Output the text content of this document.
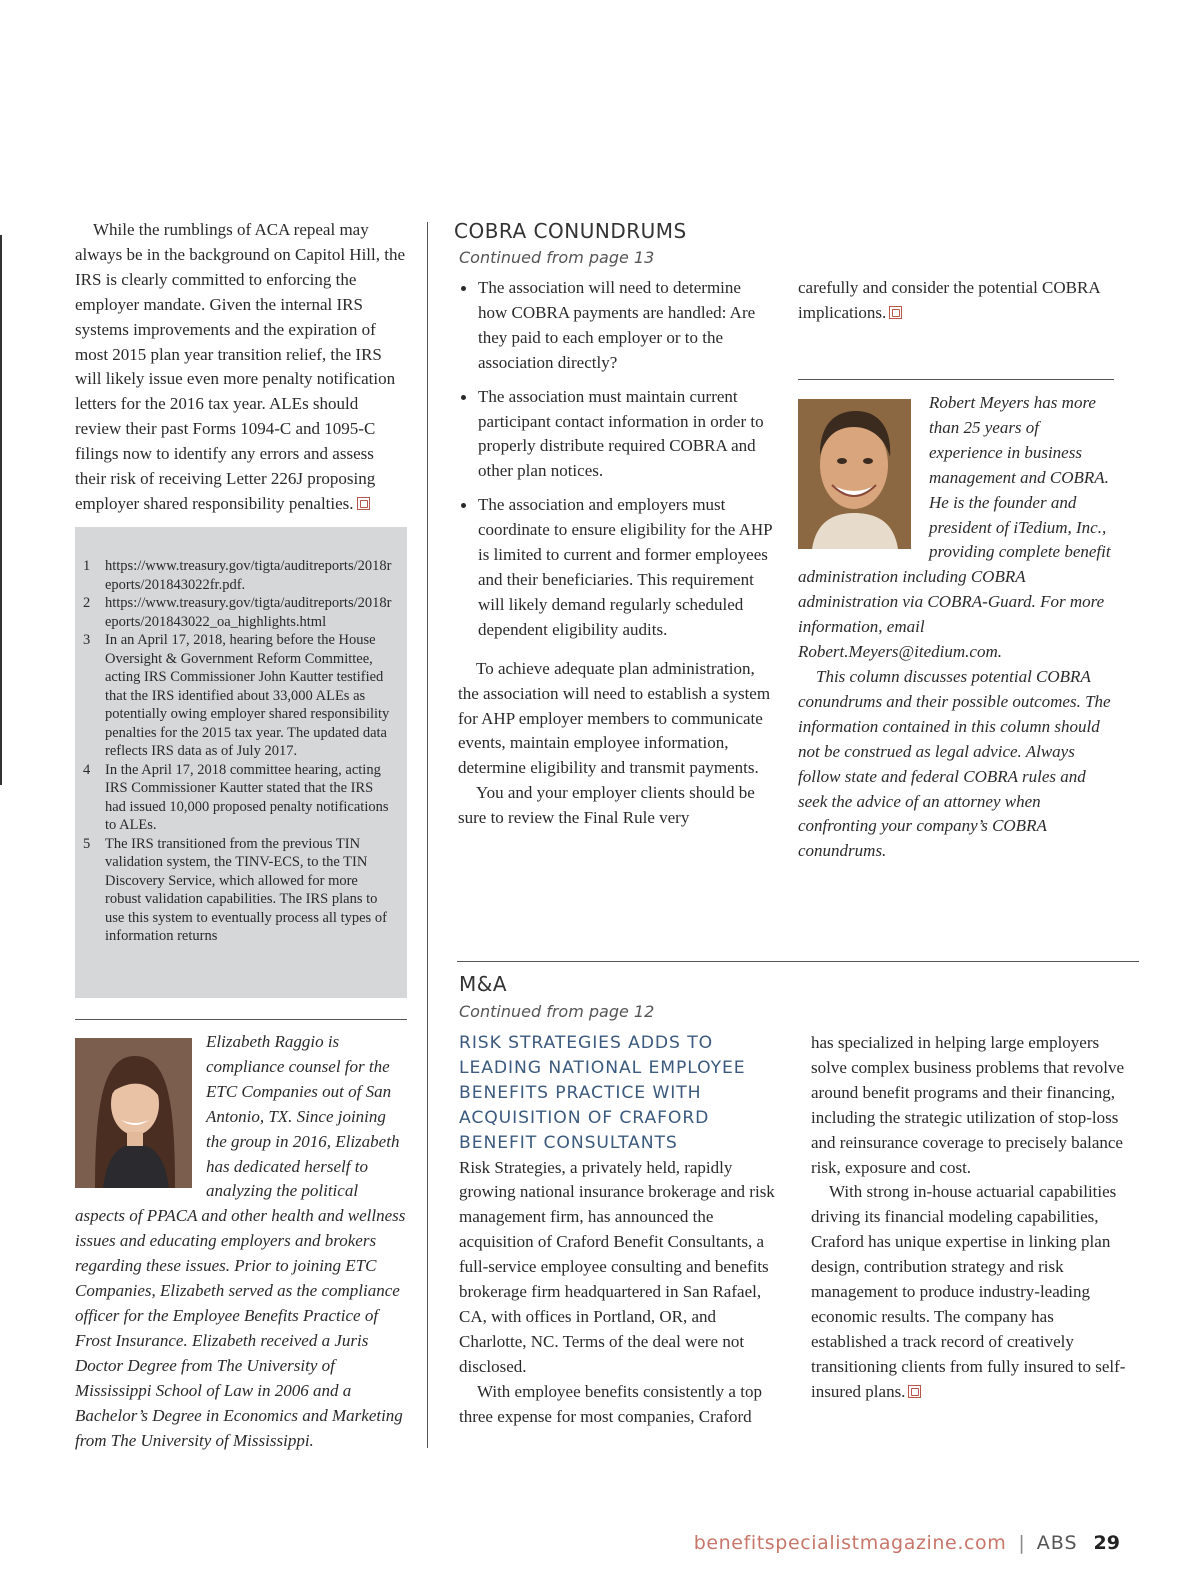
While the rumblings of ACA repeal may always be in the background on Capitol Hill, the IRS is clearly committed to enforcing the employer mandate. Given the internal IRS systems improvements and the expiration of most 2015 plan year transition relief, the IRS will likely issue even more penalty notification letters for the 2016 tax year. ALEs should review their past Forms 1094-C and 1095-C filings now to identify any errors and assess their risk of receiving Letter 226J proposing employer shared responsibility penalties.

1	https://www.treasury.gov/tigta/auditreports/2018reports/201843022fr.pdf.
2	https://www.treasury.gov/tigta/auditreports/2018reports/201843022_oa_highlights.html
3	In an April 17, 2018, hearing before the House Oversight & Government Reform Committee, acting IRS Commissioner John Kautter testified that the IRS identified about 33,000 ALEs as potentially owing employer shared responsibility penalties for the 2015 tax year. The updated data reflects IRS data as of July 2017.
4	In the April 17, 2018 committee hearing, acting IRS Commissioner Kautter stated that the IRS had issued 10,000 proposed penalty notifications to ALEs.
5	The IRS transitioned from the previous TIN validation system, the TINV-ECS, to the TIN Discovery Service, which allowed for more robust validation capabilities. The IRS plans to use this system to eventually process all types of information returns

Elizabeth Raggio is compliance counsel for the ETC Companies out of San Antonio, TX. Since joining the group in 2016, Elizabeth has dedicated herself to analyzing the political aspects of PPACA and other health and wellness issues and educating employers and brokers regarding these issues. Prior to joining ETC Companies, Elizabeth served as the compliance officer for the Employee Benefits Practice of Frost Insurance. Elizabeth received a Juris Doctor Degree from The University of Mississippi School of Law in 2006 and a Bachelor’s Degree in Economics and Marketing from The University of Mississippi.

COBRA CONUNDRUMS
Continued from page 13
The association will need to determine how COBRA payments are handled: Are they paid to each employer or to the association directly?
The association must maintain current participant contact information in order to properly distribute required COBRA and other plan notices.
The association and employers must coordinate to ensure eligibility for the AHP is limited to current and former employees and their beneficiaries. This requirement will likely demand regularly scheduled dependent eligibility audits.

To achieve adequate plan administration, the association will need to establish a system for AHP employer members to communicate events, maintain employee information, determine eligibility and transmit payments.

You and your employer clients should be sure to review the Final Rule very

carefully and consider the potential COBRA implications.

Robert Meyers has more than 25 years of experience in business management and COBRA. He is the founder and president of iTedium, Inc., providing complete benefit administration including COBRA administration via COBRA-Guard. For more information, email Robert.Meyers@itedium.com.

This column discusses potential COBRA conundrums and their possible outcomes. The information contained in this column should not be construed as legal advice. Always follow state and federal COBRA rules and seek the advice of an attorney when confronting your company’s COBRA conundrums.

M&A
Continued from page 12
RISK STRATEGIES ADDS TO LEADING NATIONAL EMPLOYEE BENEFITS PRACTICE WITH ACQUISITION OF CRAFORD BENEFIT CONSULTANTS

Risk Strategies, a privately held, rapidly growing national insurance brokerage and risk management firm, has announced the acquisition of Craford Benefit Consultants, a full-service employee consulting and benefits brokerage firm headquartered in San Rafael, CA, with offices in Portland, OR, and Charlotte, NC. Terms of the deal were not disclosed.

With employee benefits consistently a top three expense for most companies, Craford

has specialized in helping large employers solve complex business problems that revolve around benefit programs and their financing, including the strategic utilization of stop-loss and reinsurance coverage to precisely balance risk, exposure and cost.

With strong in-house actuarial capabilities driving its financial modeling capabilities, Craford has unique expertise in linking plan design, contribution strategy and risk management to produce industry-leading economic results. The company has established a track record of creatively transitioning clients from fully insured to self-insured plans.

benefitspecialistmagazine.com | ABS 29
